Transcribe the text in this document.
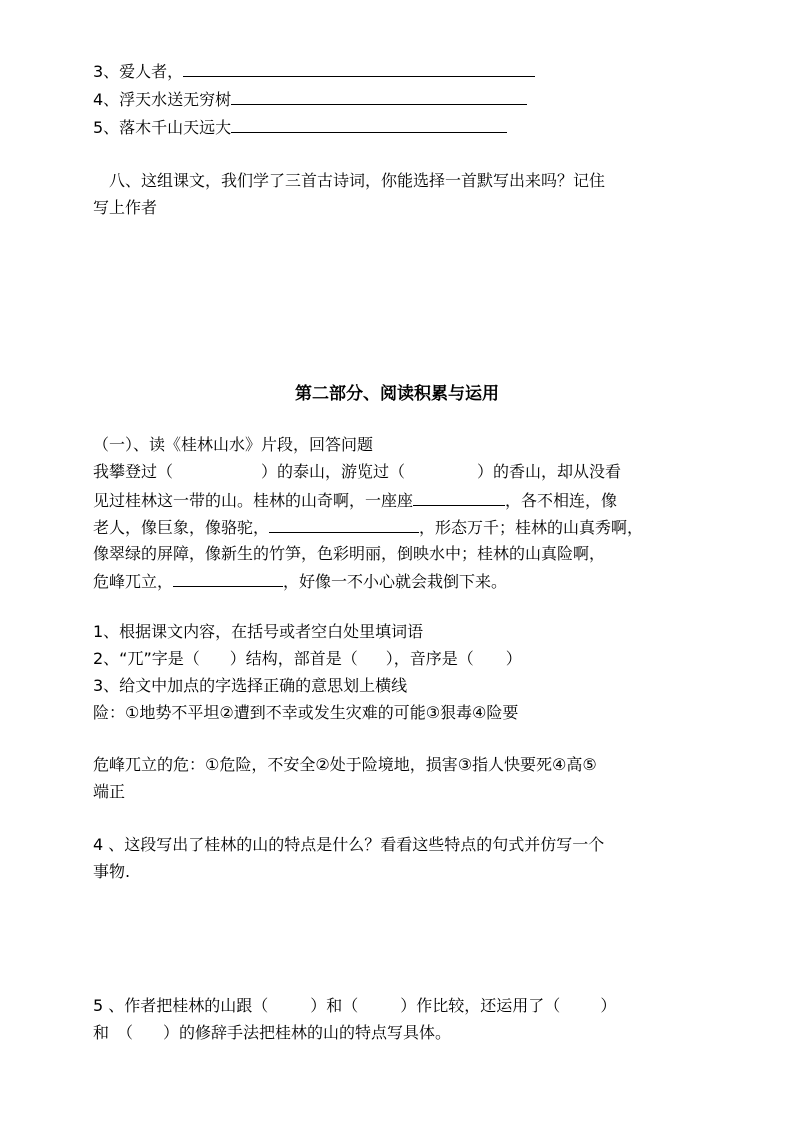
3、爱人者，
4、浮天水送无穷树
5、落木千山天远大
八、这组课文，我们学了三首古诗词，你能选择一首默写出来吗？记住
写上作者
第二部分、阅读积累与运用
（一）、读《桂林山水》片段，回答问题
我攀登过（	）的泰山，游览过（	）的香山，却从没看
见过桂林这一带的山。桂林的山奇啊，一座座	，各不相连，像
老人，像巨象，像骆驼，	，形态万千；桂林的山真秀啊，
像翠绿的屏障，像新生的竹笋，色彩明丽，倒映水中；桂林的山真险啊，
危峰兀立，	，好像一不小心就会栽倒下来。
1、根据课文内容，在括号或者空白处里填词语
2、“兀”字是（ ）结构，部首是（ ），音序是（ ）
3、给文中加点的字选择正确的意思划上横线
险：①地势不平坦②遭到不幸或发生灾难的可能③狠毒④险要
危峰兀立的危：①危险，不安全②处于险境地，损害③指人快要死④高⑤
端正
4 、这段写出了桂林的山的特点是什么？看看这些特点的句式并仿写一个
事物.
5 、作者把桂林的山跟（	）和（	）作比较，还运用了（	）
和　（ ）的修辞手法把桂林的山的特点写具体。
